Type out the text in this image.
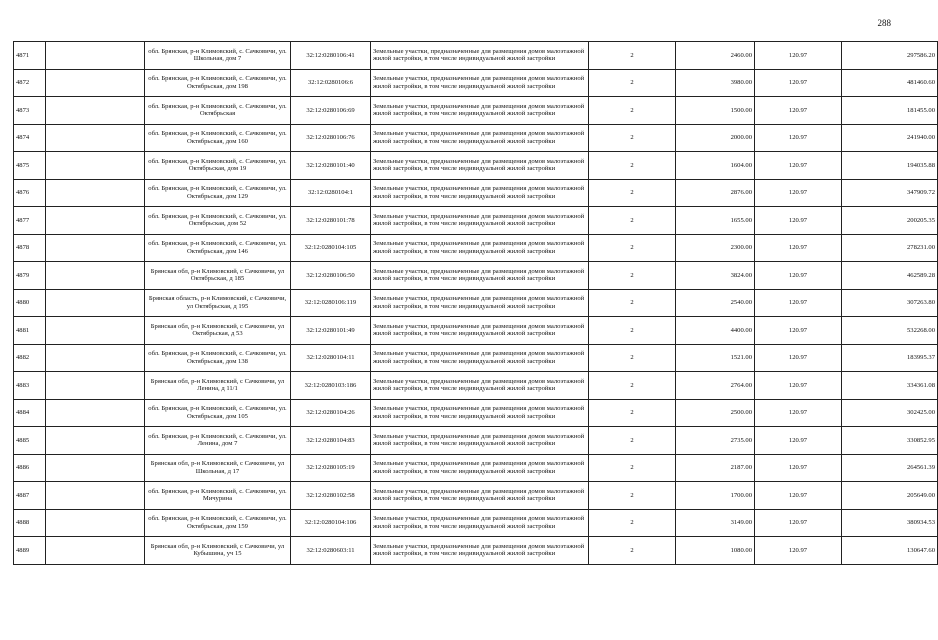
288
4871		обл. Брянская, р-н Климовский, с. Сачковичи, ул. Школьная, дом 7	32:12:0280106:41	Земельные участки, предназначенные для размещения домов малоэтажной жилой застройки, в том числе индивидуальной жилой застройки	2	2460.00	120.97	297586.20
4872		обл. Брянская, р-н Климовский, с. Сачковичи, ул. Октябрьская, дом 198	32:12:0280106:6	Земельные участки, предназначенные для размещения домов малоэтажной жилой застройки, в том числе индивидуальной жилой застройки	2	3980.00	120.97	481460.60
4873		обл. Брянская, р-н Климовский, с. Сачковичи, ул. Октябрьская	32:12:0280106:69	Земельные участки, предназначенные для размещения домов малоэтажной жилой застройки, в том числе индивидуальной жилой застройки	2	1500.00	120.97	181455.00
4874		обл. Брянская, р-н Климовский, с. Сачковичи, ул. Октябрьская, дом 160	32:12:0280106:76	Земельные участки, предназначенные для размещения домов малоэтажной жилой застройки, в том числе индивидуальной жилой застройки	2	2000.00	120.97	241940.00
4875		обл. Брянская, р-н Климовский, с. Сачковичи, ул. Октябрьская, дом 19	32:12:0280101:40	Земельные участки, предназначенные для размещения домов малоэтажной жилой застройки, в том числе индивидуальной жилой застройки	2	1604.00	120.97	194035.88
4876		обл. Брянская, р-н Климовский, с. Сачковичи, ул. Октябрьская, дом 129	32:12:0280104:1	Земельные участки, предназначенные для размещения домов малоэтажной жилой застройки, в том числе индивидуальной жилой застройки	2	2876.00	120.97	347909.72
4877		обл. Брянская, р-н Климовский, с. Сачковичи, ул. Октябрьская, дом 52	32:12:0280101:78	Земельные участки, предназначенные для размещения домов малоэтажной жилой застройки, в том числе индивидуальной жилой застройки	2	1655.00	120.97	200205.35
4878		обл. Брянская, р-н Климовский, с. Сачковичи, ул. Октябрьская, дом 146	32:12:0280104:105	Земельные участки, предназначенные для размещения домов малоэтажной жилой застройки, в том числе индивидуальной жилой застройки	2	2300.00	120.97	278231.00
4879		Брянская обл, р-н Климовский, с Сачковичи, ул Октябрьская, д 185	32:12:0280106:50	Земельные участки, предназначенные для размещения домов малоэтажной жилой застройки, в том числе индивидуальной жилой застройки	2	3824.00	120.97	462589.28
4880		Брянская область, р-н Климовский, с Сачковичи, ул Октябрьская, д 195	32:12:0280106:119	Земельные участки, предназначенные для размещения домов малоэтажной жилой застройки, в том числе индивидуальной жилой застройки	2	2540.00	120.97	307263.80
4881		Брянская обл, р-н Климовский, с Сачковичи, ул Октябрьская, д 53	32:12:0280101:49	Земельные участки, предназначенные для размещения домов малоэтажной жилой застройки, в том числе индивидуальной жилой застройки	2	4400.00	120.97	532268.00
4882		обл. Брянская, р-н Климовский, с. Сачковичи, ул. Октябрьская, дом 138	32:12:0280104:11	Земельные участки, предназначенные для размещения домов малоэтажной жилой застройки, в том числе индивидуальной жилой застройки	2	1521.00	120.97	183995.37
4883		Брянская обл, р-н Климовский, с Сачковичи, ул Ленина, д 11/1	32:12:0280103:186	Земельные участки, предназначенные для размещения домов малоэтажной жилой застройки, в том числе индивидуальной жилой застройки	2	2764.00	120.97	334361.08
4884		обл. Брянская, р-н Климовский, с. Сачковичи, ул. Октябрьская, дом 105	32:12:0280104:26	Земельные участки, предназначенные для размещения домов малоэтажной жилой застройки, в том числе индивидуальной жилой застройки	2	2500.00	120.97	302425.00
4885		обл. Брянская, р-н Климовский, с. Сачковичи, ул. Ленина, дом 7	32:12:0280104:83	Земельные участки, предназначенные для размещения домов малоэтажной жилой застройки, в том числе индивидуальной жилой застройки	2	2735.00	120.97	330852.95
4886		Брянская обл, р-н Климовский, с Сачковичи, ул Школьная, д 17	32:12:0280105:19	Земельные участки, предназначенные для размещения домов малоэтажной жилой застройки, в том числе индивидуальной жилой застройки	2	2187.00	120.97	264561.39
4887		обл. Брянская, р-н Климовский, с. Сачковичи, ул. Мичурина	32:12:0280102:58	Земельные участки, предназначенные для размещения домов малоэтажной жилой застройки, в том числе индивидуальной жилой застройки	2	1700.00	120.97	205649.00
4888		обл. Брянская, р-н Климовский, с. Сачковичи, ул. Октябрьская, дом 159	32:12:0280104:106	Земельные участки, предназначенные для размещения домов малоэтажной жилой застройки, в том числе индивидуальной жилой застройки	2	3149.00	120.97	380934.53
4889		Брянская обл, р-н Климовский, с Сачковичи, ул Кубышина, уч 15	32:12:0280603:11	Земельные участки, предназначенные для размещения домов малоэтажной жилой застройки, в том числе индивидуальной жилой застройки	2	1080.00	120.97	130647.60
